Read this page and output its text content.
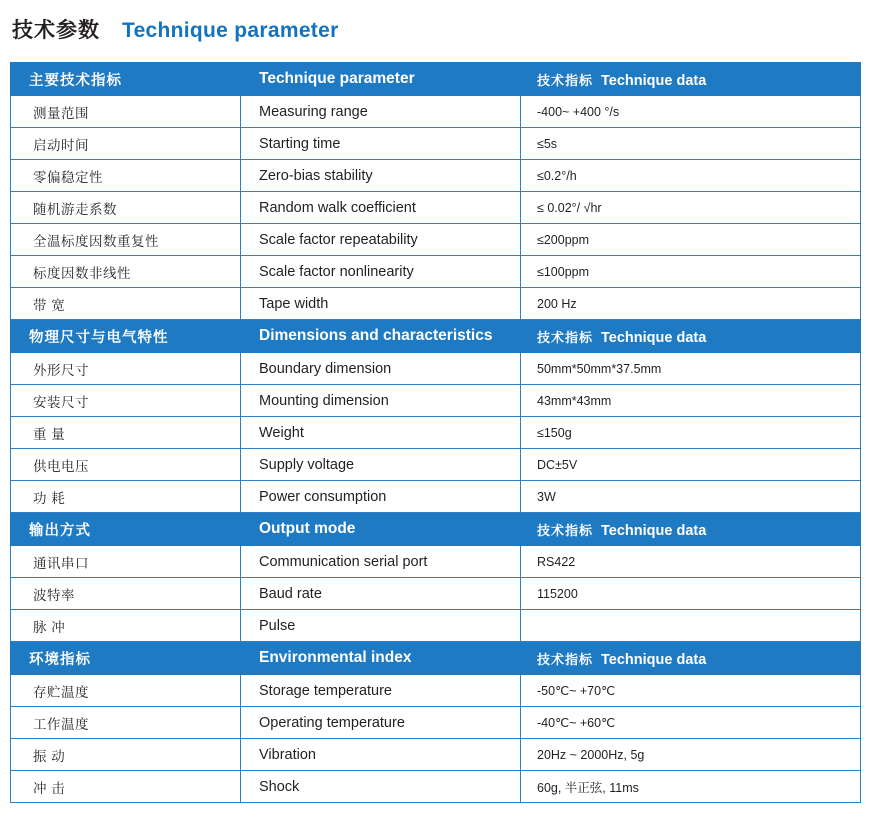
技术参数 Technique parameter
主要技术指标	Technique parameter	技术指标 Technique data
测量范围	Measuring range	-400~ +400 °/s
启动时间	Starting time	≤5s
零偏稳定性	Zero-bias stability	≤0.2°/h
随机游走系数	Random walk coefficient	≤ 0.02°/ √hr
全温标度因数重复性	Scale factor repeatability	≤200ppm
标度因数非线性	Scale factor nonlinearity	≤100ppm
带 宽	Tape width	200 Hz
物理尺寸与电气特性	Dimensions and characteristics	技术指标 Technique data
外形尺寸	Boundary dimension	50mm*50mm*37.5mm
安装尺寸	Mounting dimension	43mm*43mm
重 量	Weight	≤150g
供电电压	Supply voltage	DC±5V
功 耗	Power consumption	3W
输出方式	Output mode	技术指标 Technique data
通讯串口	Communication serial port	RS422
波特率	Baud rate	115200
脉 冲	Pulse	
环境指标	Environmental index	技术指标 Technique data
存贮温度	Storage temperature	-50℃~ +70℃
工作温度	Operating temperature	-40℃~ +60℃
振 动	Vibration	20Hz ~ 2000Hz, 5g
冲 击	Shock	60g, 半正弦, 11ms
